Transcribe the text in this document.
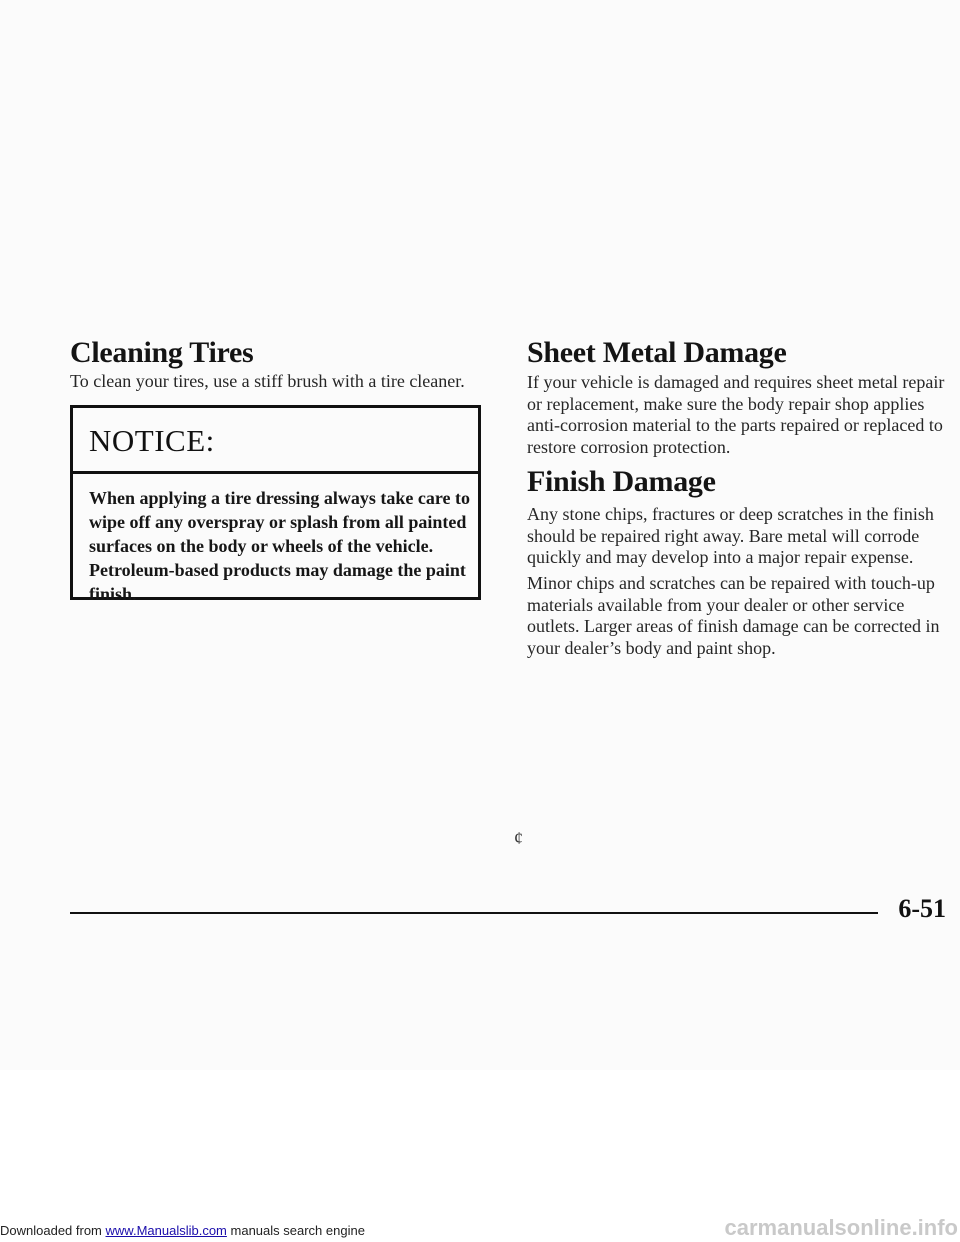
Cleaning Tires

To clean your tires, use a stiff brush with a tire cleaner.

NOTICE:

When applying a tire dressing always take care to wipe off any overspray or splash from all painted surfaces on the body or wheels of the vehicle. Petroleum-based products may damage the paint finish.

Sheet Metal Damage

If your vehicle is damaged and requires sheet metal repair or replacement, make sure the body repair shop applies anti-corrosion material to the parts repaired or replaced to restore corrosion protection.

Finish Damage

Any stone chips, fractures or deep scratches in the finish should be repaired right away. Bare metal will corrode quickly and may develop into a major repair expense.

Minor chips and scratches can be repaired with touch-up materials available from your dealer or other service outlets. Larger areas of finish damage can be corrected in your dealer’s body and paint shop.

¢
6-51
Downloaded from www.Manualslib.com manuals search engine	carmanualsonline.info
